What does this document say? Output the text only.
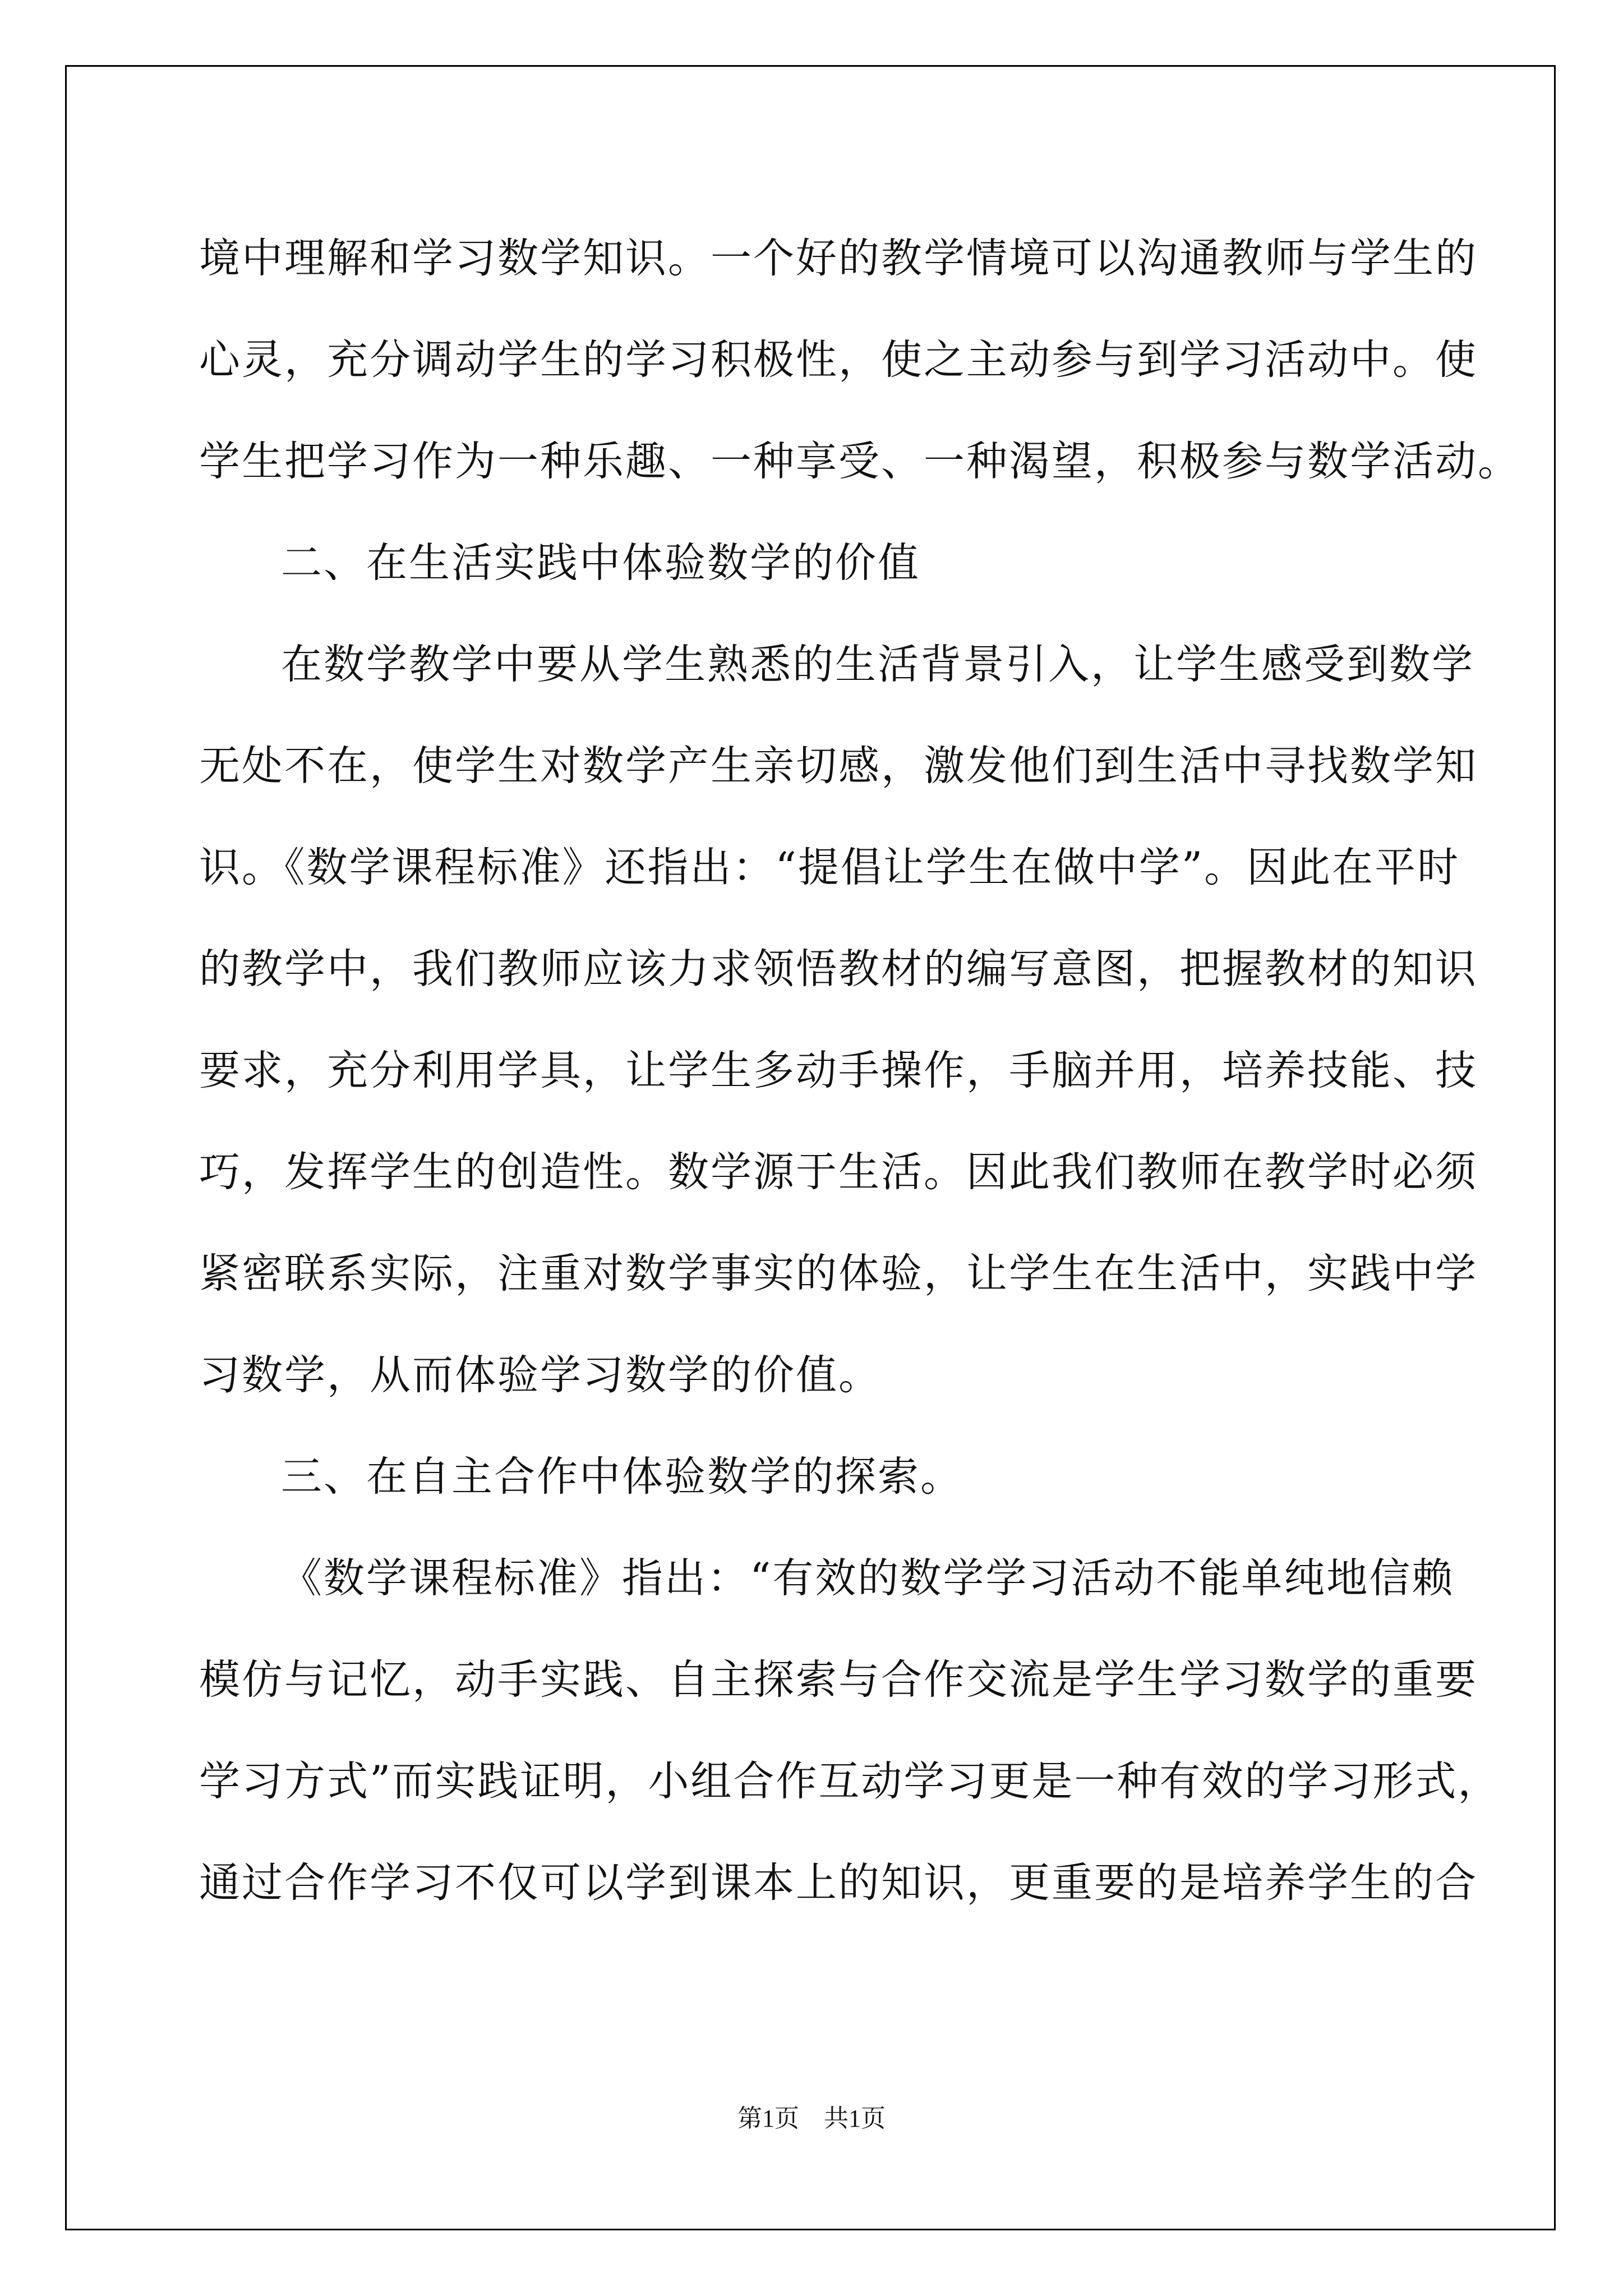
境中理解和学习数学知识。一个好的教学情境可以沟通教师与学生的
心灵，充分调动学生的学习积极性，使之主动参与到学习活动中。使
学生把学习作为一种乐趣、一种享受、一种渴望，积极参与数学活动。
二、在生活实践中体验数学的价值
在数学教学中要从学生熟悉的生活背景引入，让学生感受到数学
无处不在，使学生对数学产生亲切感，激发他们到生活中寻找数学知
识。《数学课程标准》还指出：“提倡让学生在做中学”。因此在平时
的教学中，我们教师应该力求领悟教材的编写意图，把握教材的知识
要求，充分利用学具，让学生多动手操作，手脑并用，培养技能、技
巧，发挥学生的创造性。数学源于生活。因此我们教师在教学时必须
紧密联系实际，注重对数学事实的体验，让学生在生活中，实践中学
习数学，从而体验学习数学的价值。
三、在自主合作中体验数学的探索。
《数学课程标准》指出：“有效的数学学习活动不能单纯地信赖
模仿与记忆，动手实践、自主探索与合作交流是学生学习数学的重要
学习方式”而实践证明，小组合作互动学习更是一种有效的学习形式，
通过合作学习不仅可以学到课本上的知识，更重要的是培养学生的合
第1页　共1页
